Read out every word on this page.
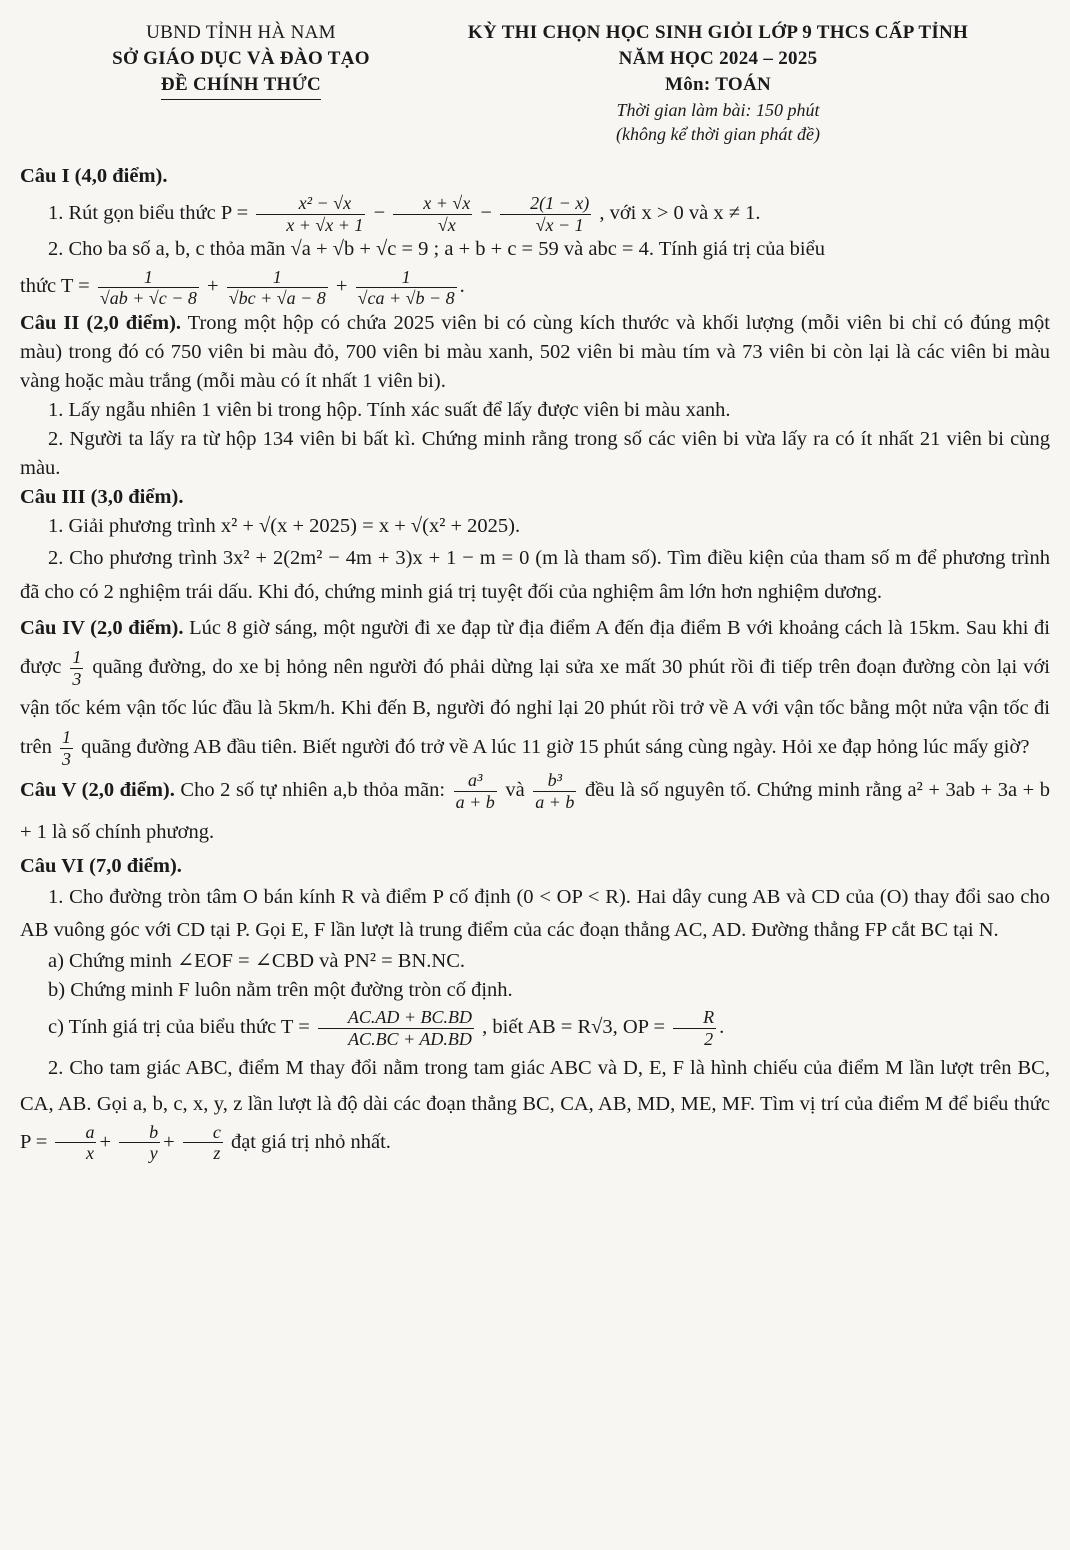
UBND TỈNH HÀ NAM
SỞ GIÁO DỤC VÀ ĐÀO TẠO
ĐỀ CHÍNH THỨC
KỲ THI CHỌN HỌC SINH GIỎI LỚP 9 THCS CẤP TỈNH
NĂM HỌC 2024 – 2025
Môn: TOÁN
Thời gian làm bài: 150 phút
(không kể thời gian phát đề)

Câu I (4,0 điểm).

1. Rút gọn biểu thức $P = \frac{\text{x² − √x}}{x + √x + 1} - \frac{x + √x}{√x} - \frac{2(1 - x)}{√x - 1}$ , với x > 0 và x ≠ 1.

2. Cho ba số a, b, c thỏa mãn √a + √b + √c = 9 ; a + b + c = 59 và abc = 4. Tính giá trị của biểu

thức $T = \frac{1}{√ab + √c - 8} + \frac{1}{√bc + √a - 8} + \frac{1}{√ca + √b - 8}$ .

Câu II (2,0 điểm). Trong một hộp có chứa 2025 viên bi có cùng kích thước và khối lượng (mỗi viên bi chỉ có đúng một màu) trong đó có 750 viên bi màu đỏ, 700 viên bi màu xanh, 502 viên bi màu tím và 73 viên bi còn lại là các viên bi màu vàng hoặc màu trắng (mỗi màu có ít nhất 1 viên bi).

1. Lấy ngẫu nhiên 1 viên bi trong hộp. Tính xác suất để lấy được viên bi màu xanh.

2. Người ta lấy ra từ hộp 134 viên bi bất kì. Chứng minh rằng trong số các viên bi vừa lấy ra có ít nhất 21 viên bi cùng màu.

Câu III (3,0 điểm).

1. Giải phương trình x² + √(x + 2025) = x + √(x² + 2025).

2. Cho phương trình 3x² + 2(2m² − 4m + 3)x + 1 − m = 0 (m là tham số). Tìm điều kiện của tham số m để phương trình đã cho có 2 nghiệm trái dấu. Khi đó, chứng minh giá trị tuyệt đối của nghiệm âm lớn hơn nghiệm dương.

Câu IV (2,0 điểm). Lúc 8 giờ sáng, một người đi xe đạp từ địa điểm A đến địa điểm B với khoảng cách là 15km. Sau khi đi được $\frac{1}{3}$ quãng đường, do xe bị hỏng nên người đó phải dừng lại sửa xe mất 30 phút rồi đi tiếp trên đoạn đường còn lại với vận tốc kém vận tốc lúc đầu là 5km/h. Khi đến B, người đó nghỉ lại 20 phút rồi trở về A với vận tốc bằng một nửa vận tốc đi trên $\frac{1}{3}$ quãng đường AB đầu tiên. Biết người đó trở về A lúc 11 giờ 15 phút sáng cùng ngày. Hỏi xe đạp hỏng lúc mấy giờ?

Câu V (2,0 điểm). Cho 2 số tự nhiên a,b thỏa mãn: $\frac{\text{a³}}{a + b}$ và $\frac{\text{b³}}{a + b}$ đều là số nguyên tố. Chứng minh rằng a² + 3ab + 3a + b + 1 là số chính phương.

Câu VI (7,0 điểm).

1. Cho đường tròn tâm O bán kính R và điểm P cố định (0 < OP < R). Hai dây cung AB và CD của (O) thay đổi sao cho AB vuông góc với CD tại P. Gọi E, F lần lượt là trung điểm của các đoạn thẳng AC, AD. Đường thẳng FP cắt BC tại N.

a) Chứng minh ∠EOF = ∠CBD và PN² = BN.NC.

b) Chứng minh F luôn nằm trên một đường tròn cố định.

c) Tính giá trị của biểu thức $T = \frac{AC.AD + BC.BD}{AC.BC + AD.BD}$ , biết AB = R√3, OP = $\frac{R}{2}$ .

2. Cho tam giác ABC, điểm M thay đổi nằm trong tam giác ABC và D, E, F là hình chiếu của điểm M lần lượt trên BC, CA, AB. Gọi a, b, c, x, y, z lần lượt là độ dài các đoạn thẳng BC, CA, AB, MD, ME, MF. Tìm vị trí của điểm M để biểu thức $P = \frac{a}{x} + \frac{b}{y} + \frac{c}{z}$ đạt giá trị nhỏ nhất.
